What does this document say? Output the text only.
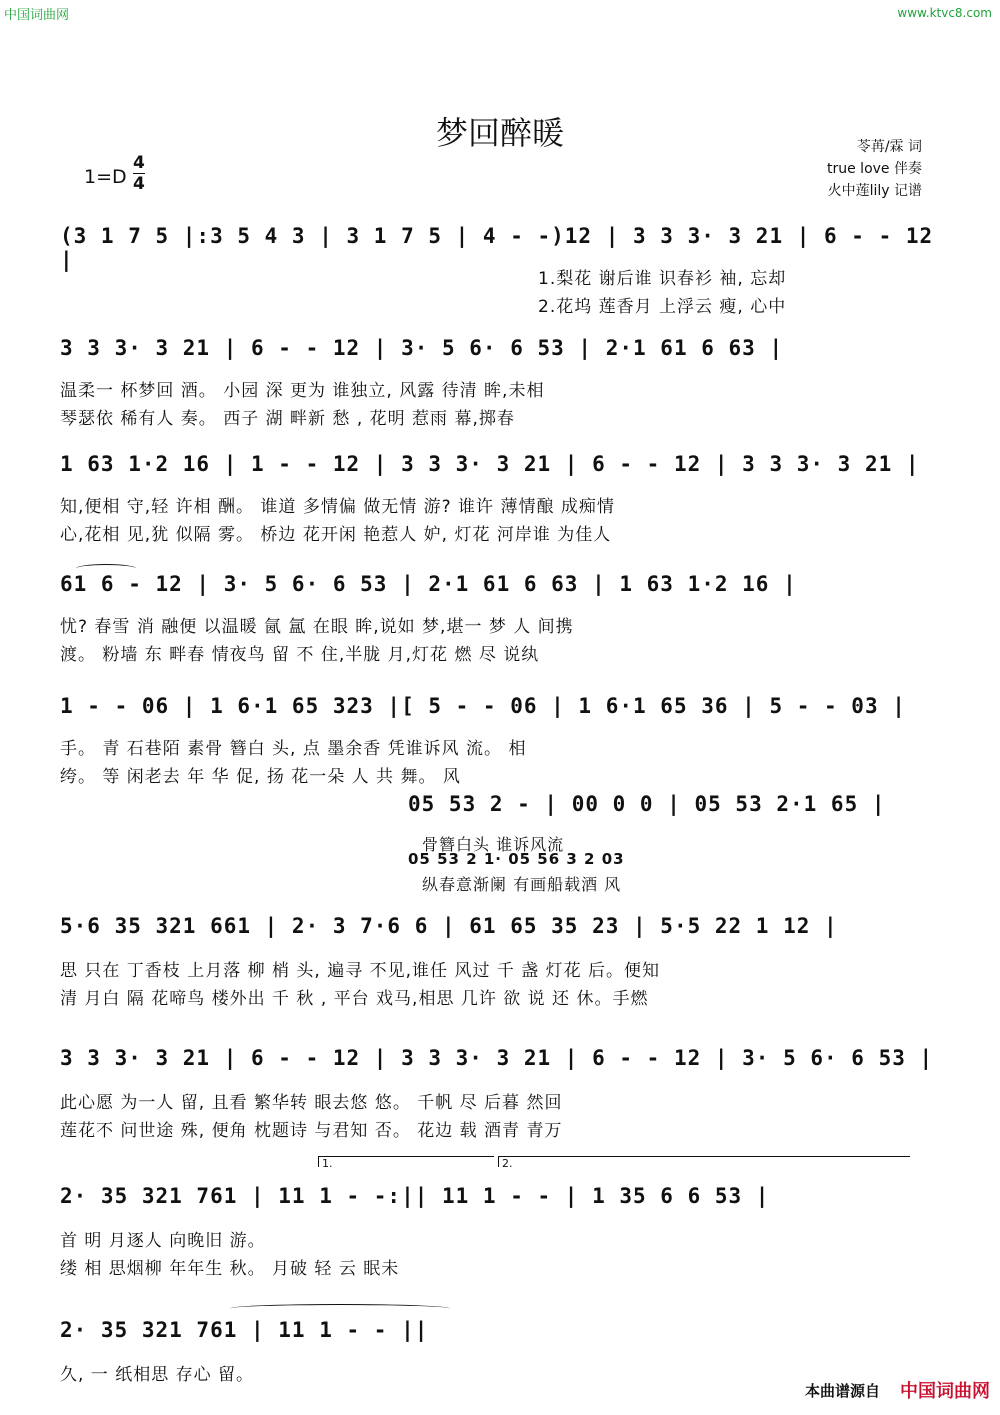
中国词曲网	www.ktvc8.com
梦回醉暖
1=D
4
4
苓苒/霖 词
true love 伴奏
火中莲lily 记谱
(3 1 7 5 |:3 5 4 3 | 3 1 7 5 | 4 - -)12 | 3 3 3· 3 21 | 6 - - 12 |
1.梨花 谢后谁 识春衫 袖, 忘却
2.花坞 莲香月 上浮云 瘦, 心中
3 3 3· 3 21 | 6 - - 12 | 3· 5 6· 6 53 | 2·1 61 6 63 |
温柔一 杯梦回 酒。 小园 深 更为 谁独立, 风露 待清 眸,未相
琴瑟依 稀有人 奏。 西子 湖 畔新 愁 , 花明 惹雨 幕,掷春
1 63 1·2 16 | 1 - - 12 | 3 3 3· 3 21 | 6 - - 12 | 3 3 3· 3 21 |
知,便相 守,轻 许相 酬。 谁道 多情偏 做无情 游? 谁许 薄情酿 成痴情
心,花相 见,犹 似隔 雾。 桥边 花开闲 艳惹人 妒, 灯花 河岸谁 为佳人
61 6 - 12 | 3· 5 6· 6 53 | 2·1 61 6 63 | 1 63 1·2 16 |
忧? 春雪 消 融便 以温暖 氤 氲 在眼 眸,说如 梦,堪一 梦 人 间携
渡。 粉墙 东 畔春 情夜鸟 留 不 住,半胧 月,灯花 燃 尽 说纨
1 - - 06 | 1 6·1 65 323 |[ 5 - - 06 | 1 6·1 65 36 | 5 - - 03 |
手。 青 石巷陌 素骨 簪白 头, 点 墨余香 凭谁诉风 流。 相
绔。 等 闲老去 年 华 促, 扬 花一朵 人 共 舞。 风
05 53 2 - | 00 0 0 | 05 53 2·1 65 |
骨簪白头 谁诉风流
05 53 2 1· 05 56 3 2 03
纵春意渐阑 有画船载酒 风
5·6 35 321 661 | 2· 3 7·6 6 | 61 65 35 23 | 5·5 22 1 12 |
思 只在 丁香枝 上月落 柳 梢 头, 遍寻 不见,谁任 风过 千 盏 灯花 后。便知
清 月白 隔 花啼鸟 楼外出 千 秋 , 平台 戏马,相思 几许 欲 说 还 休。手燃
3 3 3· 3 21 | 6 - - 12 | 3 3 3· 3 21 | 6 - - 12 | 3· 5 6· 6 53 |
此心愿 为一人 留, 且看 繁华转 眼去悠 悠。 千帆 尽 后暮 然回
莲花不 问世途 殊, 便角 枕题诗 与君知 否。 花边 载 酒青 青万
1.	2.
2· 35 321 761 | 11 1 - -:|| 11 1 - - | 1 35 6 6 53 |
首 明 月逐人 向晚旧 游。
缕 相 思烟柳 年年生 秋。 月破 轻 云 眠未
2· 35 321 761 | 11 1 - - ||
久, 一 纸相思 存心 留。
本曲谱源自 中国词曲网
